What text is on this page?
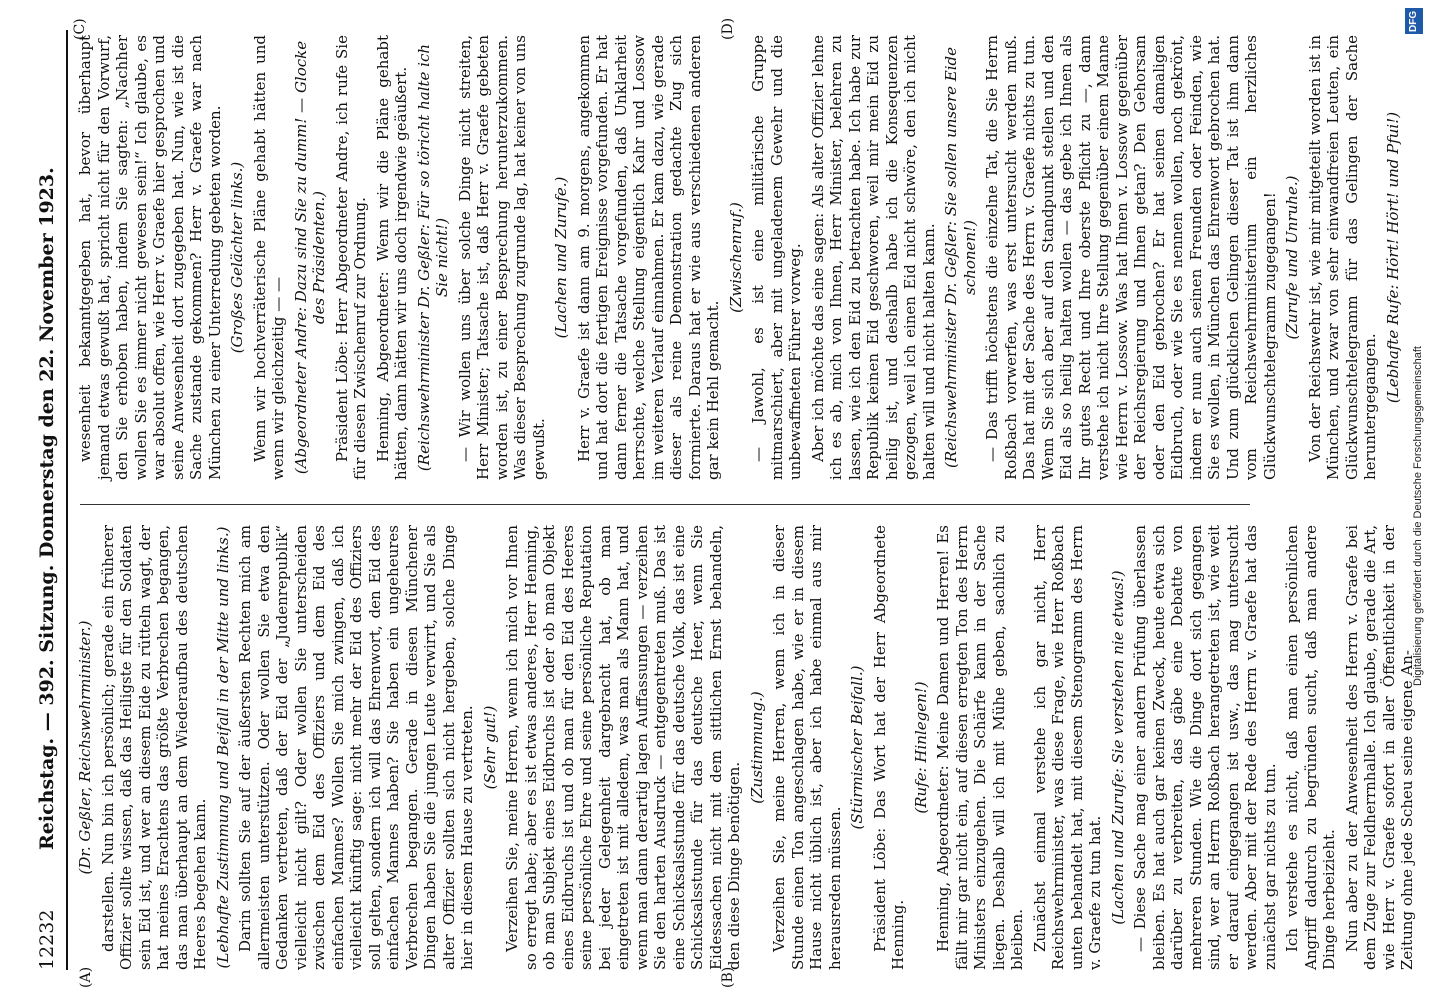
12232
Reichstag. — 392. Sitzung. Donnerstag den 22. November 1923. (Dr. Geßler, Reichswehrminister.) darstellen. Nun bin ich persönlich; gerade ein früherer Offizier sollte wissen, daß das Heiligste für den Soldaten sein Eid ist, und wer an diesem Eide zu rütteln wagt, der hat meines Erachtens das größte Verbrechen begangen, das man überhaupt an dem Wiederaufbau des deutschen Heeres begehen kann. (Lebhafte Zustimmung und Beifall in der Mitte und links.) Darin sollten Sie auf der äußersten Rechten mich am allermeisten unterstützen. Oder wollen Sie etwa den Gedanken vertreten, daß der Eid der „Judenrepublik“ vielleicht nicht gilt? Oder wollen Sie unterscheiden zwischen dem Eid des Offiziers und dem Eid des einfachen Mannes? Wollen Sie mich zwingen, daß ich vielleicht künftig sage: nicht mehr der Eid des Offiziers soll gelten, sondern ich will das Ehrenwort, den Eid des einfachen Mannes haben? Sie haben ein ungeheures Verbrechen begangen. Gerade in diesen Münchener Dingen haben Sie die jungen Leute verwirrt, und Sie als alter Offizier sollten sich nicht hergeben, solche Dinge hier in diesem Hause zu vertreten. (Sehr gut!) Verzeihen Sie, meine Herren, wenn ich mich vor Ihnen so erregt habe; aber es ist etwas anderes, Herr Henning, ob man Subjekt eines Eidbruchs ist oder ob man Objekt eines Eidbruchs ist und ob man für den Eid des Heeres seine persönliche Ehre und seine persönliche Reputation bei jeder Gelegenheit dargebracht hat, ob man eingetreten ist mit alledem, was man als Mann hat, und wenn man dann derartig lagen Auffassungen — verzeihen Sie den harten Ausdruck — entgegentreten muß. Das ist eine Schicksalsstunde für das deutsche Volk, das ist eine Schicksalsstunde für das deutsche Heer, wenn Sie Eidessachen nicht mit dem sittlichen Ernst behandeln, den diese Dinge benötigen.

(Zustimmung.) Verzeihen Sie, meine Herren, wenn ich in dieser Stunde einen Ton angeschlagen habe, wie er in diesem Hause nicht üblich ist, aber ich habe einmal aus mir herausreden müssen.

(Stürmischer Beifall.) Präsident Löbe: Das Wort hat der Herr Abgeordnete Henning.

(Rufe: Hinlegen!) Henning, Abgeordneter: Meine Damen und Herren! Es fällt mir gar nicht ein, auf diesen erregten Ton des Herrn Ministers einzugehen. Die Schärfe kann in der Sache liegen. Deshalb will ich mit Mühe geben, sachlich zu bleiben. Zunächst einmal verstehe ich gar nicht, Herr Reichswehrminister, was diese Frage, wie Herr Roßbach unten behandelt hat, mit diesem Stenogramm des Herrn v. Graefe zu tun hat. (Lachen und Zurufe: Sie verstehen nie etwas!) — Diese Sache mag einer andern Prüfung überlassen bleiben. Es hat auch gar keinen Zweck, heute etwa sich darüber zu verbreiten, das gäbe eine Debatte von mehreren Stunden. Wie die Dinge dort sich gegangen sind, wer an Herrn Roßbach herangetreten ist, wie weit er darauf eingegangen ist usw., das mag untersucht werden. Aber mit der Rede des Herrn v. Graefe hat das zunächst gar nichts zu tun. Ich verstehe es nicht, daß man einen persönlichen Angriff dadurch zu begründen sucht, daß man andere Dinge herbeizieht. Nun aber zu der Anwesenheit des Herrn v. Graefe bei dem Zuge zur Feldherrnhalle. Ich glaube, gerade die Art, wie Herr v. Graefe sofort in aller Öffentlichkeit in der Zeitung ohne jede Scheu seine eigene An-

wesenheit bekanntgegeben hat, bevor überhaupt jemand etwas gewußt hat, spricht nicht für den Vorwurf, den Sie erhoben haben, indem Sie sagten: „Nachher wollen Sie es immer nicht gewesen sein!“ Ich glaube, es war absolut offen, wie Herr v. Graefe hier gesprochen und seine Anwesenheit dort zugegeben hat. Nun, wie ist die Sache zustande gekommen? Herr v. Graefe war nach München zu einer Unterredung gebeten worden. (Großes Gelächter links.) Wenn wir hochverräterische Pläne gehabt hätten und wenn wir gleichzeitig — — (Abgeordneter Andre: Dazu sind Sie zu dumm! — Glocke des Präsidenten.) Präsident Löbe: Herr Abgeordneter Andre, ich rufe Sie für diesen Zwischenruf zur Ordnung. Henning, Abgeordneter: Wenn wir die Pläne gehabt hätten, dann hätten wir uns doch irgendwie geäußert. (Reichswehrminister Dr. Geßler: Für so töricht halte ich Sie nicht!) — Wir wollen uns über solche Dinge nicht streiten, Herr Minister; Tatsache ist, daß Herr v. Graefe gebeten worden ist, zu einer Besprechung herunterzukommen. Was dieser Besprechung zugrunde lag, hat keiner von uns gewußt.

(Lachen und Zurufe.) Herr v. Graefe ist dann am 9. morgens, angekommen und hat dort die fertigen Ereignisse vorgefunden. Er hat dann ferner die Tatsache vorgefunden, daß Unklarheit herrschte, welche Stellung eigentlich Kahr und Lossow im weiteren Verlauf einnahmen. Er kam dazu, wie gerade dieser als reine Demonstration gedachte Zug sich formierte. Daraus hat er wie aus verschiedenen anderen gar kein Hehl gemacht.

(Zwischenruf.) — Jawohl, es ist eine militärische Gruppe mitmarschiert, aber mit ungeladenem Gewehr und die unbewaffneten Führer vorweg. Aber ich möchte das eine sagen: Als alter Offizier lehne ich es ab, mich von Ihnen, Herr Minister, belehren zu lassen, wie ich den Eid zu betrachten habe. Ich habe zur Republik keinen Eid geschworen, weil mir mein Eid zu heilig ist, und deshalb habe ich die Konsequenzen gezogen, weil ich einen Eid nicht schwöre, den ich nicht halten will und nicht halten kann. (Reichswehrminister Dr. Geßler: Sie sollen unsere Eide schonen!) — Das trifft höchstens die einzelne Tat, die Sie Herrn Roßbach vorwerfen, was erst untersucht werden muß. Das hat mit der Sache des Herrn v. Graefe nichts zu tun. Wenn Sie sich aber auf den Standpunkt stellen und den Eid als so heilig halten wollen — das gebe ich Ihnen als Ihr gutes Recht und Ihre oberste Pflicht zu —, dann verstehe ich nicht Ihre Stellung gegenüber einem Manne wie Herrn v. Lossow. Was hat Ihnen v. Lossow gegenüber der Reichsregierung und Ihnen getan? Den Gehorsam oder den Eid gebrochen? Er hat seinen damaligen Eidbruch, oder wie Sie es nennen wollen, noch gekrönt, indem er nun auch seinen Freunden oder Feinden, wie Sie es wollen, in München das Ehrenwort gebrochen hat. Und zum glücklichen Gelingen dieser Tat ist ihm dann vom Reichswehrministerium ein herzliches Glückwunschtelegramm zugegangen! (Zurufe und Unruhe.) Von der Reichswehr ist, wie mir mitgeteilt worden ist in München, und zwar von sehr einwandfreien Leuten, ein Glückwunschtelegramm für das Gelingen der Sache heruntergegangen.

(Lebhafte Rufe: Hört! Hört! und Pfui!)

(A)	(B)
(C)	(D)	DFG
Digitalisierung gefördert durch die Deutsche Forschungsgemeinschaft
